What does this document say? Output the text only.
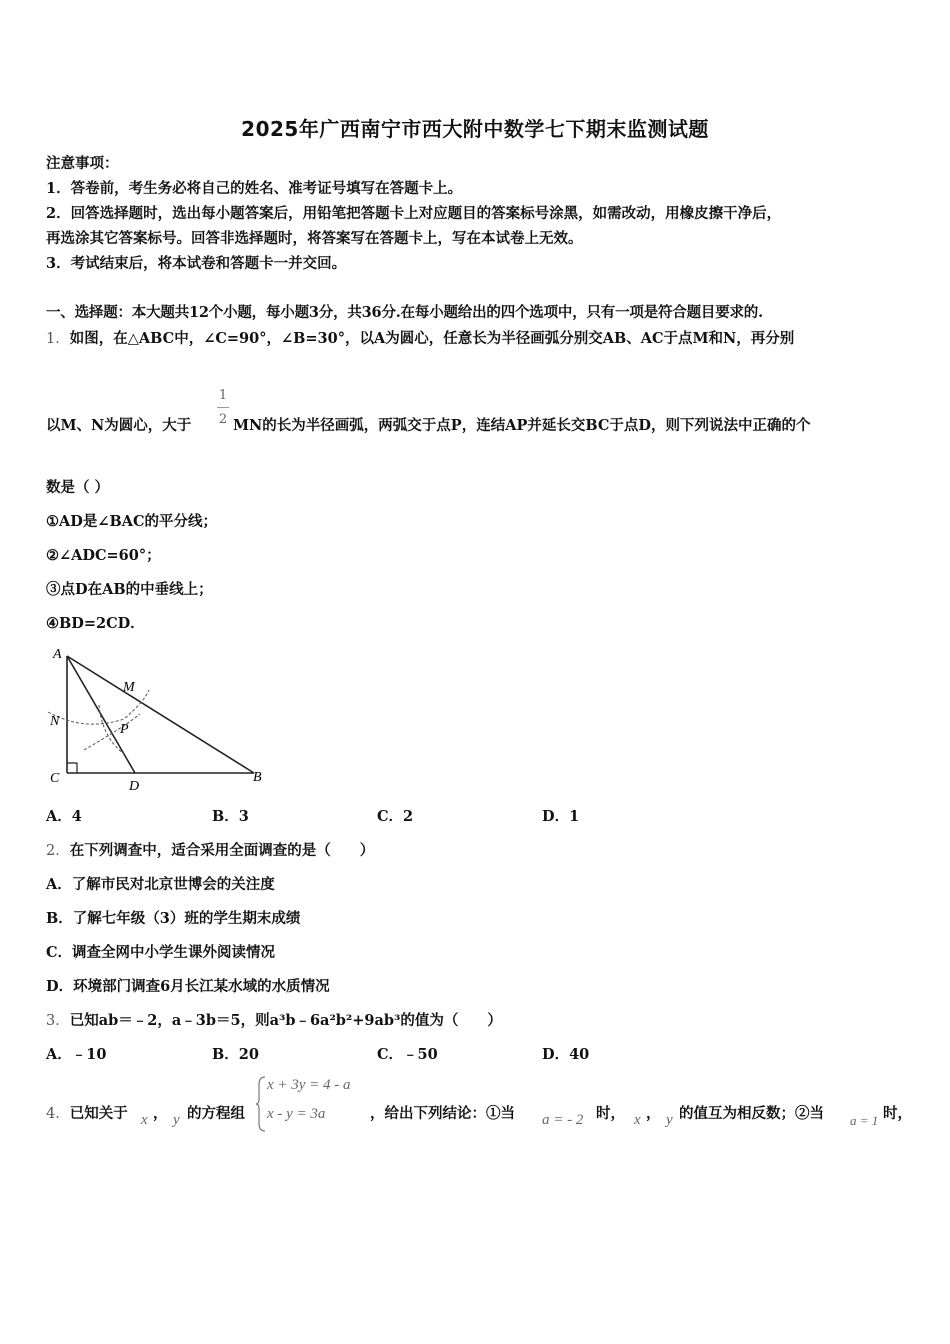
2025年广西南宁市西大附中数学七下期末监测试题
注意事项：
1．答卷前，考生务必将自己的姓名、准考证号填写在答题卡上。
2．回答选择题时，选出每小题答案后，用铅笔把答题卡上对应题目的答案标号涂黑，如需改动，用橡皮擦干净后，
再选涂其它答案标号。回答非选择题时，将答案写在答题卡上，写在本试卷上无效。
3．考试结束后，将本试卷和答题卡一并交回。
一、选择题：本大题共12个小题，每小题3分，共36分.在每小题给出的四个选项中，只有一项是符合题目要求的.
1．如图，在△ABC中，∠C=90°，∠B=30°，以A为圆心，任意长为半径画弧分别交AB、AC于点M和N，再分别
以M、N为圆心，大于
1
2 MN的长为半径画弧，两弧交于点P，连结AP并延长交BC于点D，则下列说法中正确的个
数是（ ）
①AD是∠BAC的平分线；
②∠ADC=60°；
③点D在AB的中垂线上；
④BD=2CD．
A
M
N
P
C
D
B
A．4	B．3	C．2	D．1
2．在下列调查中，适合采用全面调查的是（　　）
A．了解市民对北京世博会的关注度
B．了解七年级（3）班的学生期末成绩
C．调查全网中小学生课外阅读情况
D．环境部门调查6月长江某水域的水质情况
3．已知ab＝﹣2，a﹣3b＝5，则a³b﹣6a²b²+9ab³的值为（　　）
A．﹣10	B．20	C．﹣50	D．40
4．已知关于 x ， y 的方程组
x + 3y = 4 - a
x - y = 3a	，给出下列结论：①当 a = - 2 时， x ， y 的值互为相反数；②当 a = 1 时，
